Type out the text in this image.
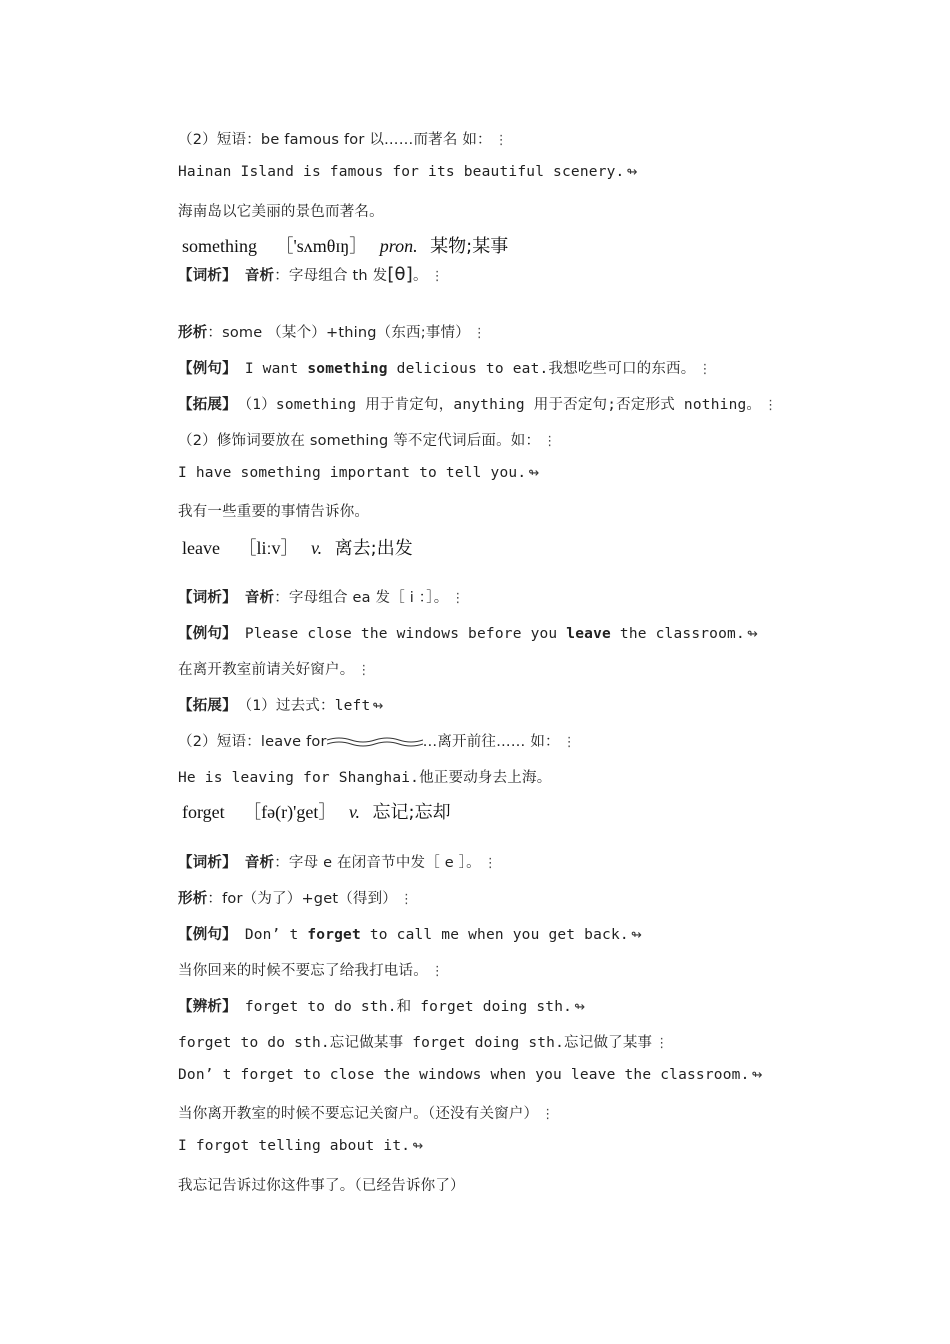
（2）短语：be famous for 以……而著名 如： ⋮
Hainan Island is famous for its beautiful scenery. ↬
海南岛以它美丽的景色而著名。
something ［'sʌmθɪŋ］ pron. 某物;某事
【词析】 音析：字母组合 th 发[θ]。 ⋮
形析：some （某个）+thing（东西;事情） ⋮
【例句】 I want something delicious to eat.我想吃些可口的东西。 ⋮
【拓展】 （1）something 用于肯定句，anything 用于否定句;否定形式 nothing。 ⋮
（2）修饰词要放在 something 等不定代词后面。如： ⋮
I have something important to tell you. ↬
我有一些重要的事情告诉你。
leave ［liːv］ v. 离去;出发
【词析】 音析：字母组合 ea 发［ i ：］。 ⋮
【例句】 Please close the windows before you leave the classroom. ↬
在离开教室前请关好窗户。 ⋮
【拓展】 （1）过去式：left ↬
（2）短语：leave for	…离开前往…… 如： ⋮
He is leaving for Shanghai.他正要动身去上海。
forget ［fə(r)'get］ v. 忘记;忘却
【词析】 音析：字母 e 在闭音节中发［ e ］。 ⋮
形析：for（为了）+get（得到） ⋮
【例句】 Don’ t forget to call me when you get back. ↬
当你回来的时候不要忘了给我打电话。 ⋮
【辨析】 forget to do sth.和 forget doing sth. ↬
forget to do sth.忘记做某事 forget doing sth.忘记做了某事 ⋮
Don’ t forget to close the windows when you leave the classroom. ↬
当你离开教室的时候不要忘记关窗户。（还没有关窗户） ⋮
I forgot telling about it. ↬
我忘记告诉过你这件事了。（已经告诉你了）
